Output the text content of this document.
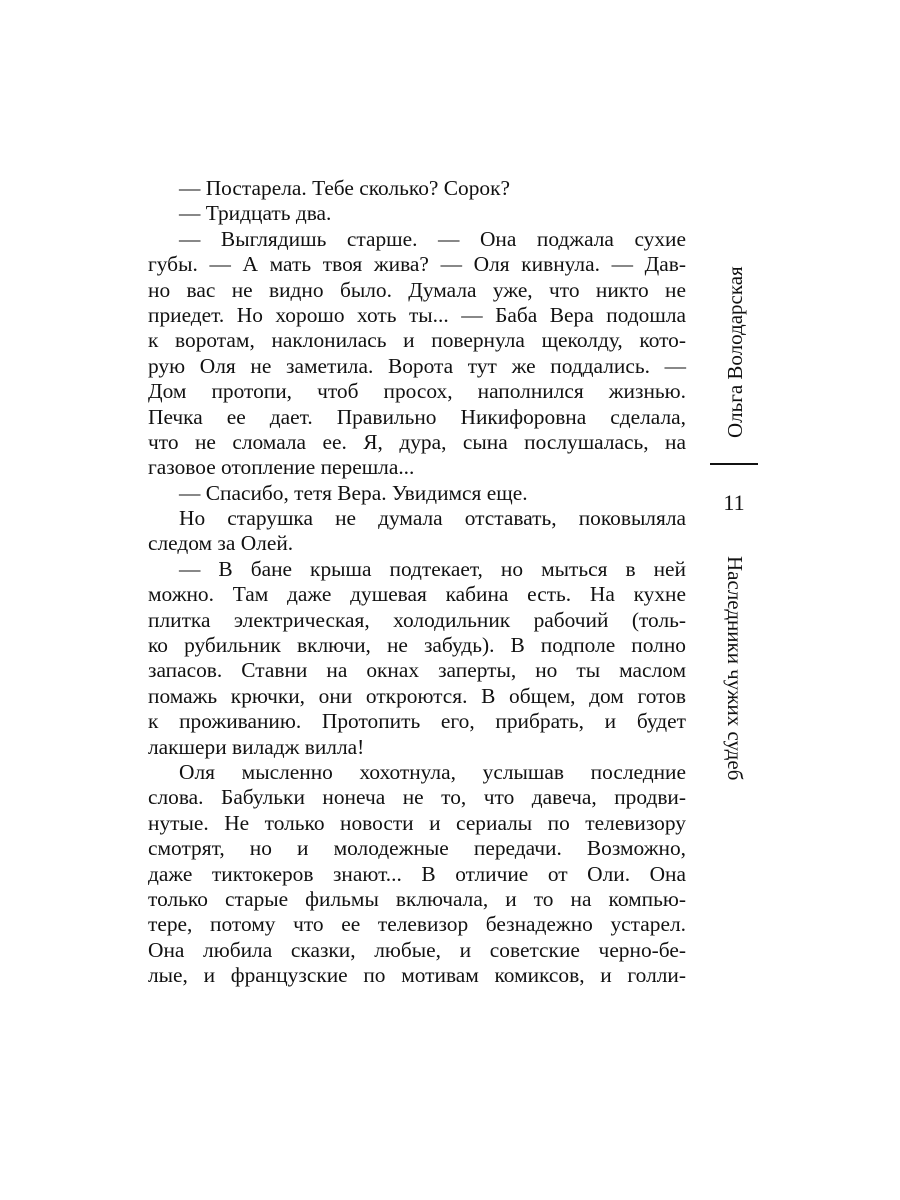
— Постарела. Тебе сколько? Сорок?
— Тридцать два.
— Выглядишь старше. — Она поджала сухие
губы. — А мать твоя жива? — Оля кивнула. — Дав-
но вас не видно было. Думала уже, что никто не
приедет. Но хорошо хоть ты... — Баба Вера подошла
к воротам, наклонилась и повернула щеколду, кото-
рую Оля не заметила. Ворота тут же поддались. —
Дом протопи, чтоб просох, наполнился жизнью.
Печка ее дает. Правильно Никифоровна сделала,
что не сломала ее. Я, дура, сына послушалась, на
газовое отопление перешла...
— Спасибо, тетя Вера. Увидимся еще.
Но старушка не думала отставать, поковыляла
следом за Олей.
— В бане крыша подтекает, но мыться в ней
можно. Там даже душевая кабина есть. На кухне
плитка электрическая, холодильник рабочий (толь-
ко рубильник включи, не забудь). В подполе полно
запасов. Ставни на окнах заперты, но ты маслом
помажь крючки, они откроются. В общем, дом готов
к проживанию. Протопить его, прибрать, и будет
лакшери виладж вилла!
Оля мысленно хохотнула, услышав последние
слова. Бабульки нонеча не то, что давеча, продви-
нутые. Не только новости и сериалы по телевизору
смотрят, но и молодежные передачи. Возможно,
даже тиктокеров знают... В отличие от Оли. Она
только старые фильмы включала, и то на компью-
тере, потому что ее телевизор безнадежно устарел.
Она любила сказки, любые, и советские черно-бе-
лые, и французские по мотивам комиксов, и голли-
Ольга Володарская
11
Наследники чужих судеб
